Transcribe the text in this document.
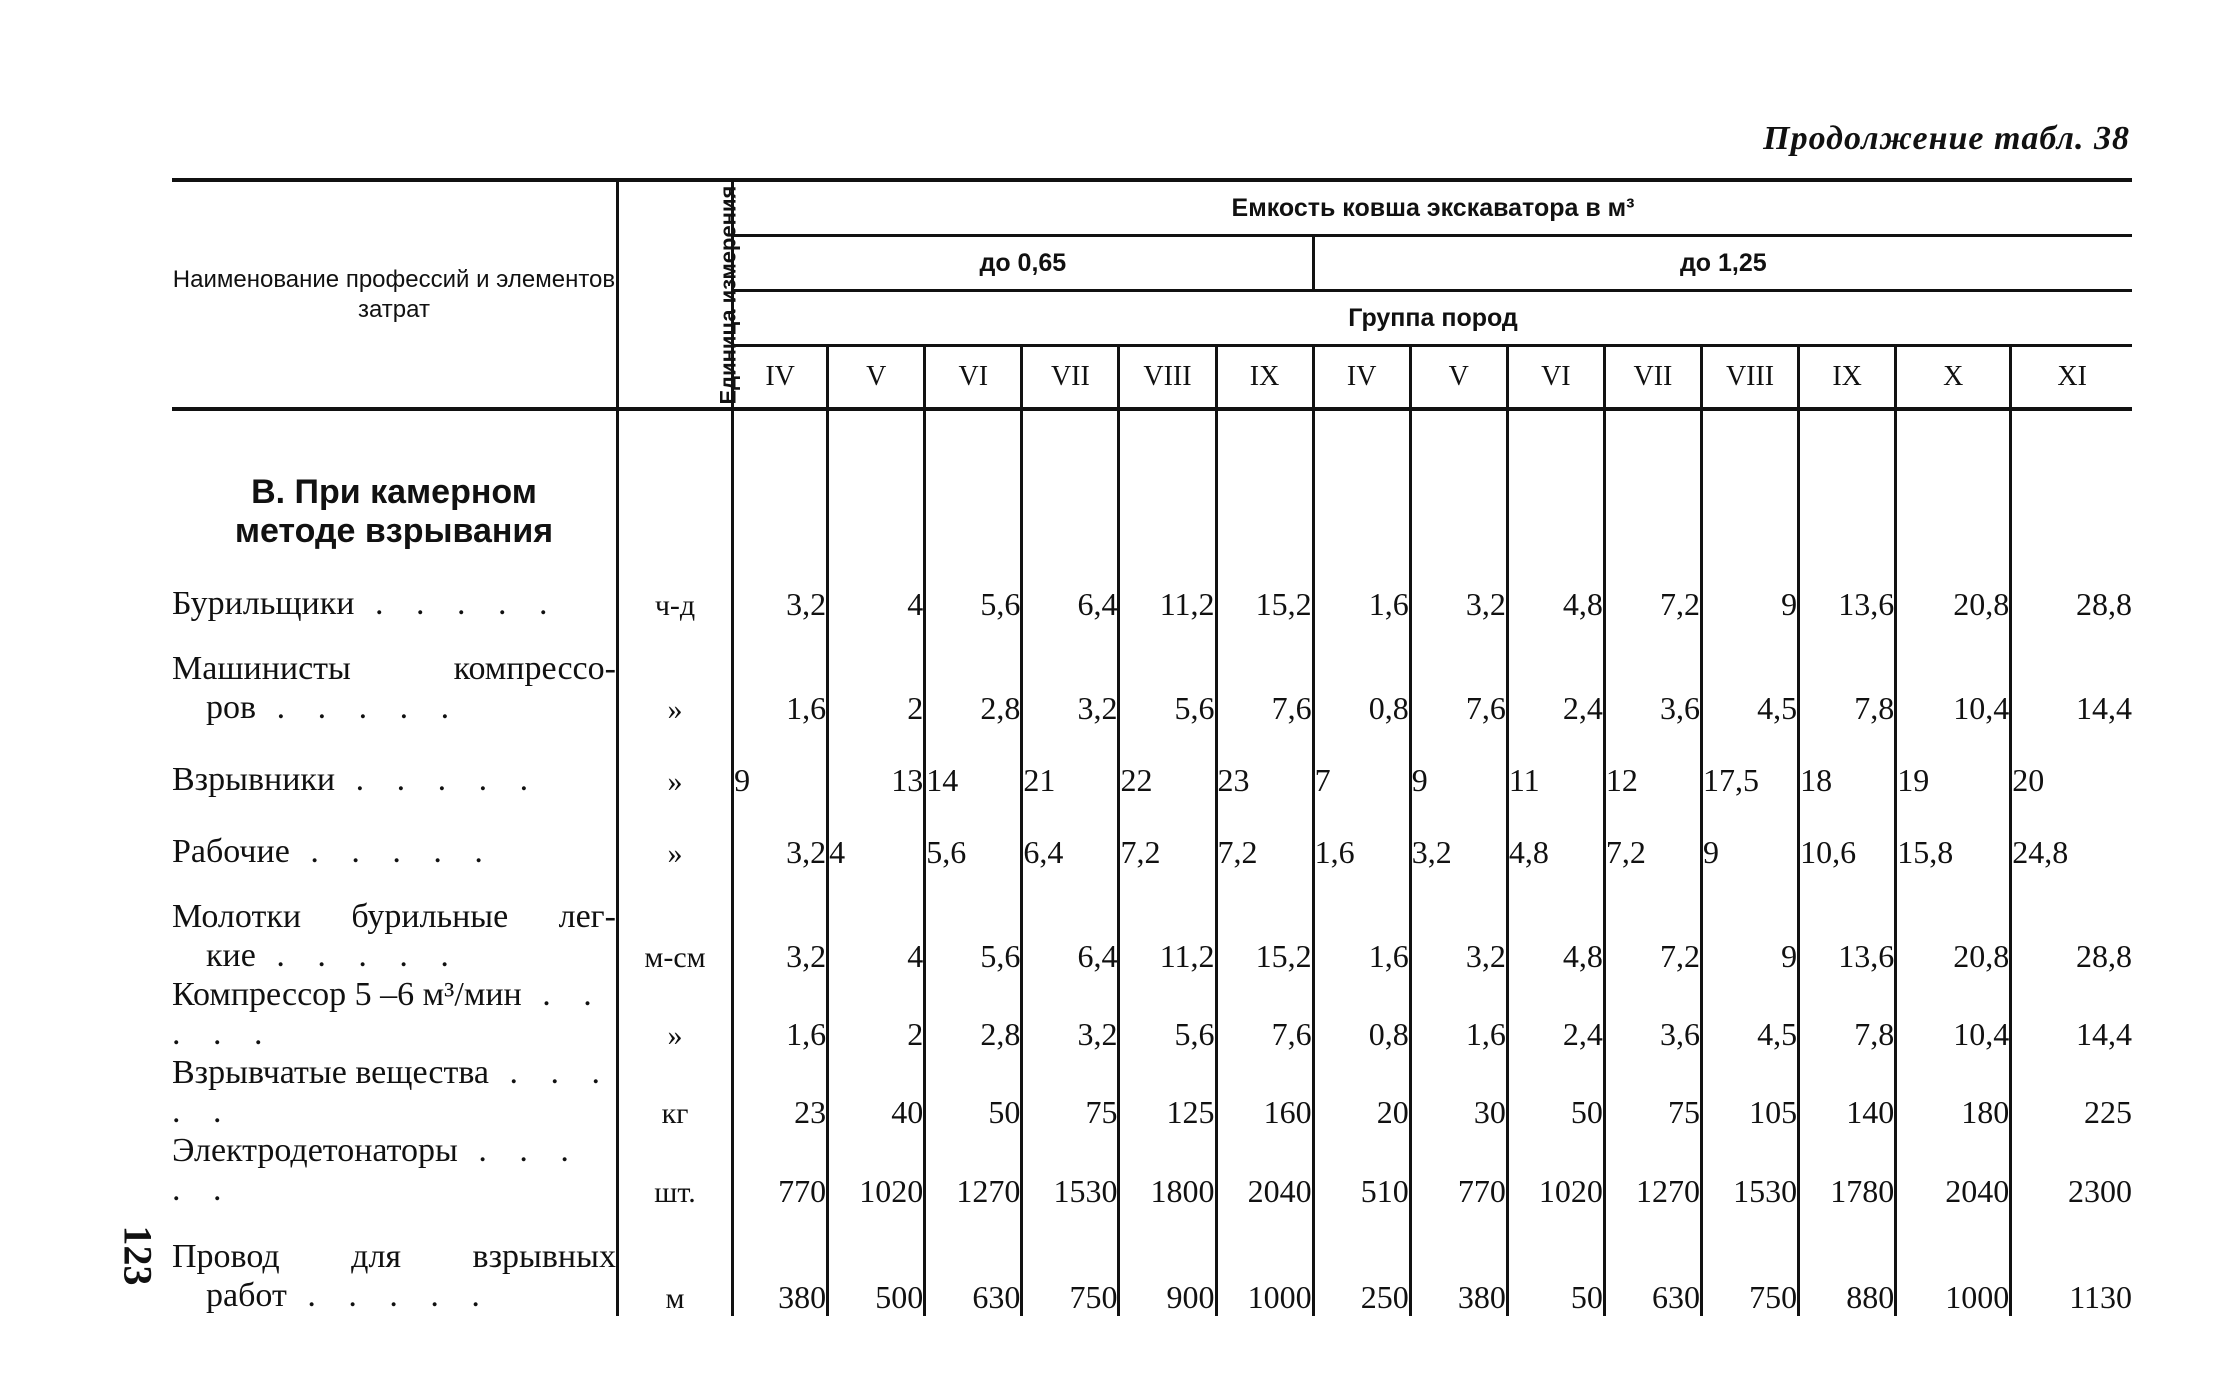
Продолжение табл. 38
Наименование профессий и элементов затрат	Единица измерения	Емкость ковша экскаватора в м³													
		до 0,65						до 1,25							
		Группа пород													
		IV	V	VI	VII	VIII	IX	IV	V	VI	VII	VIII	IX	X	XI
В. При камерном
методе взрывания															
Бурильщики . . . . .	ч-д	3,2	4	5,6	6,4	11,2	15,2	1,6	3,2	4,8	7,2	9	13,6	20,8	28,8

Машинисты компрессо-
ров . . . . .	»	1,6	2	2,8	3,2	5,6	7,6	0,8	7,6	2,4	3,6	4,5	7,8	10,4	14,4
Взрывники . . . . .	»	9	13	14	21	22	23	7	9	11	12	17,5	18	19	20
Рабочие . . . . .	»	3,2	4	5,6	6,4	7,2	7,2	1,6	3,2	4,8	7,2	9	10,6	15,8	24,8

Молотки бурильные лег-
кие . . . . .	м-см	3,2	4	5,6	6,4	11,2	15,2	1,6	3,2	4,8	7,2	9	13,6	20,8	28,8
Компрессор 5 –6 м³/мин . . . . .	»	1,6	2	2,8	3,2	5,6	7,6	0,8	1,6	2,4	3,6	4,5	7,8	10,4	14,4
Взрывчатые вещества . . . . .	кг	23	40	50	75	125	160	20	30	50	75	105	140	180	225
Электродетонаторы . . . . .	шт.	770	1020	1270	1530	1800	2040	510	770	1020	1270	1530	1780	2040	2300

Провод для взрывных
работ . . . . .	м	380	500	630	750	900	1000	250	380	50	630	750	880	1000	1130
123
